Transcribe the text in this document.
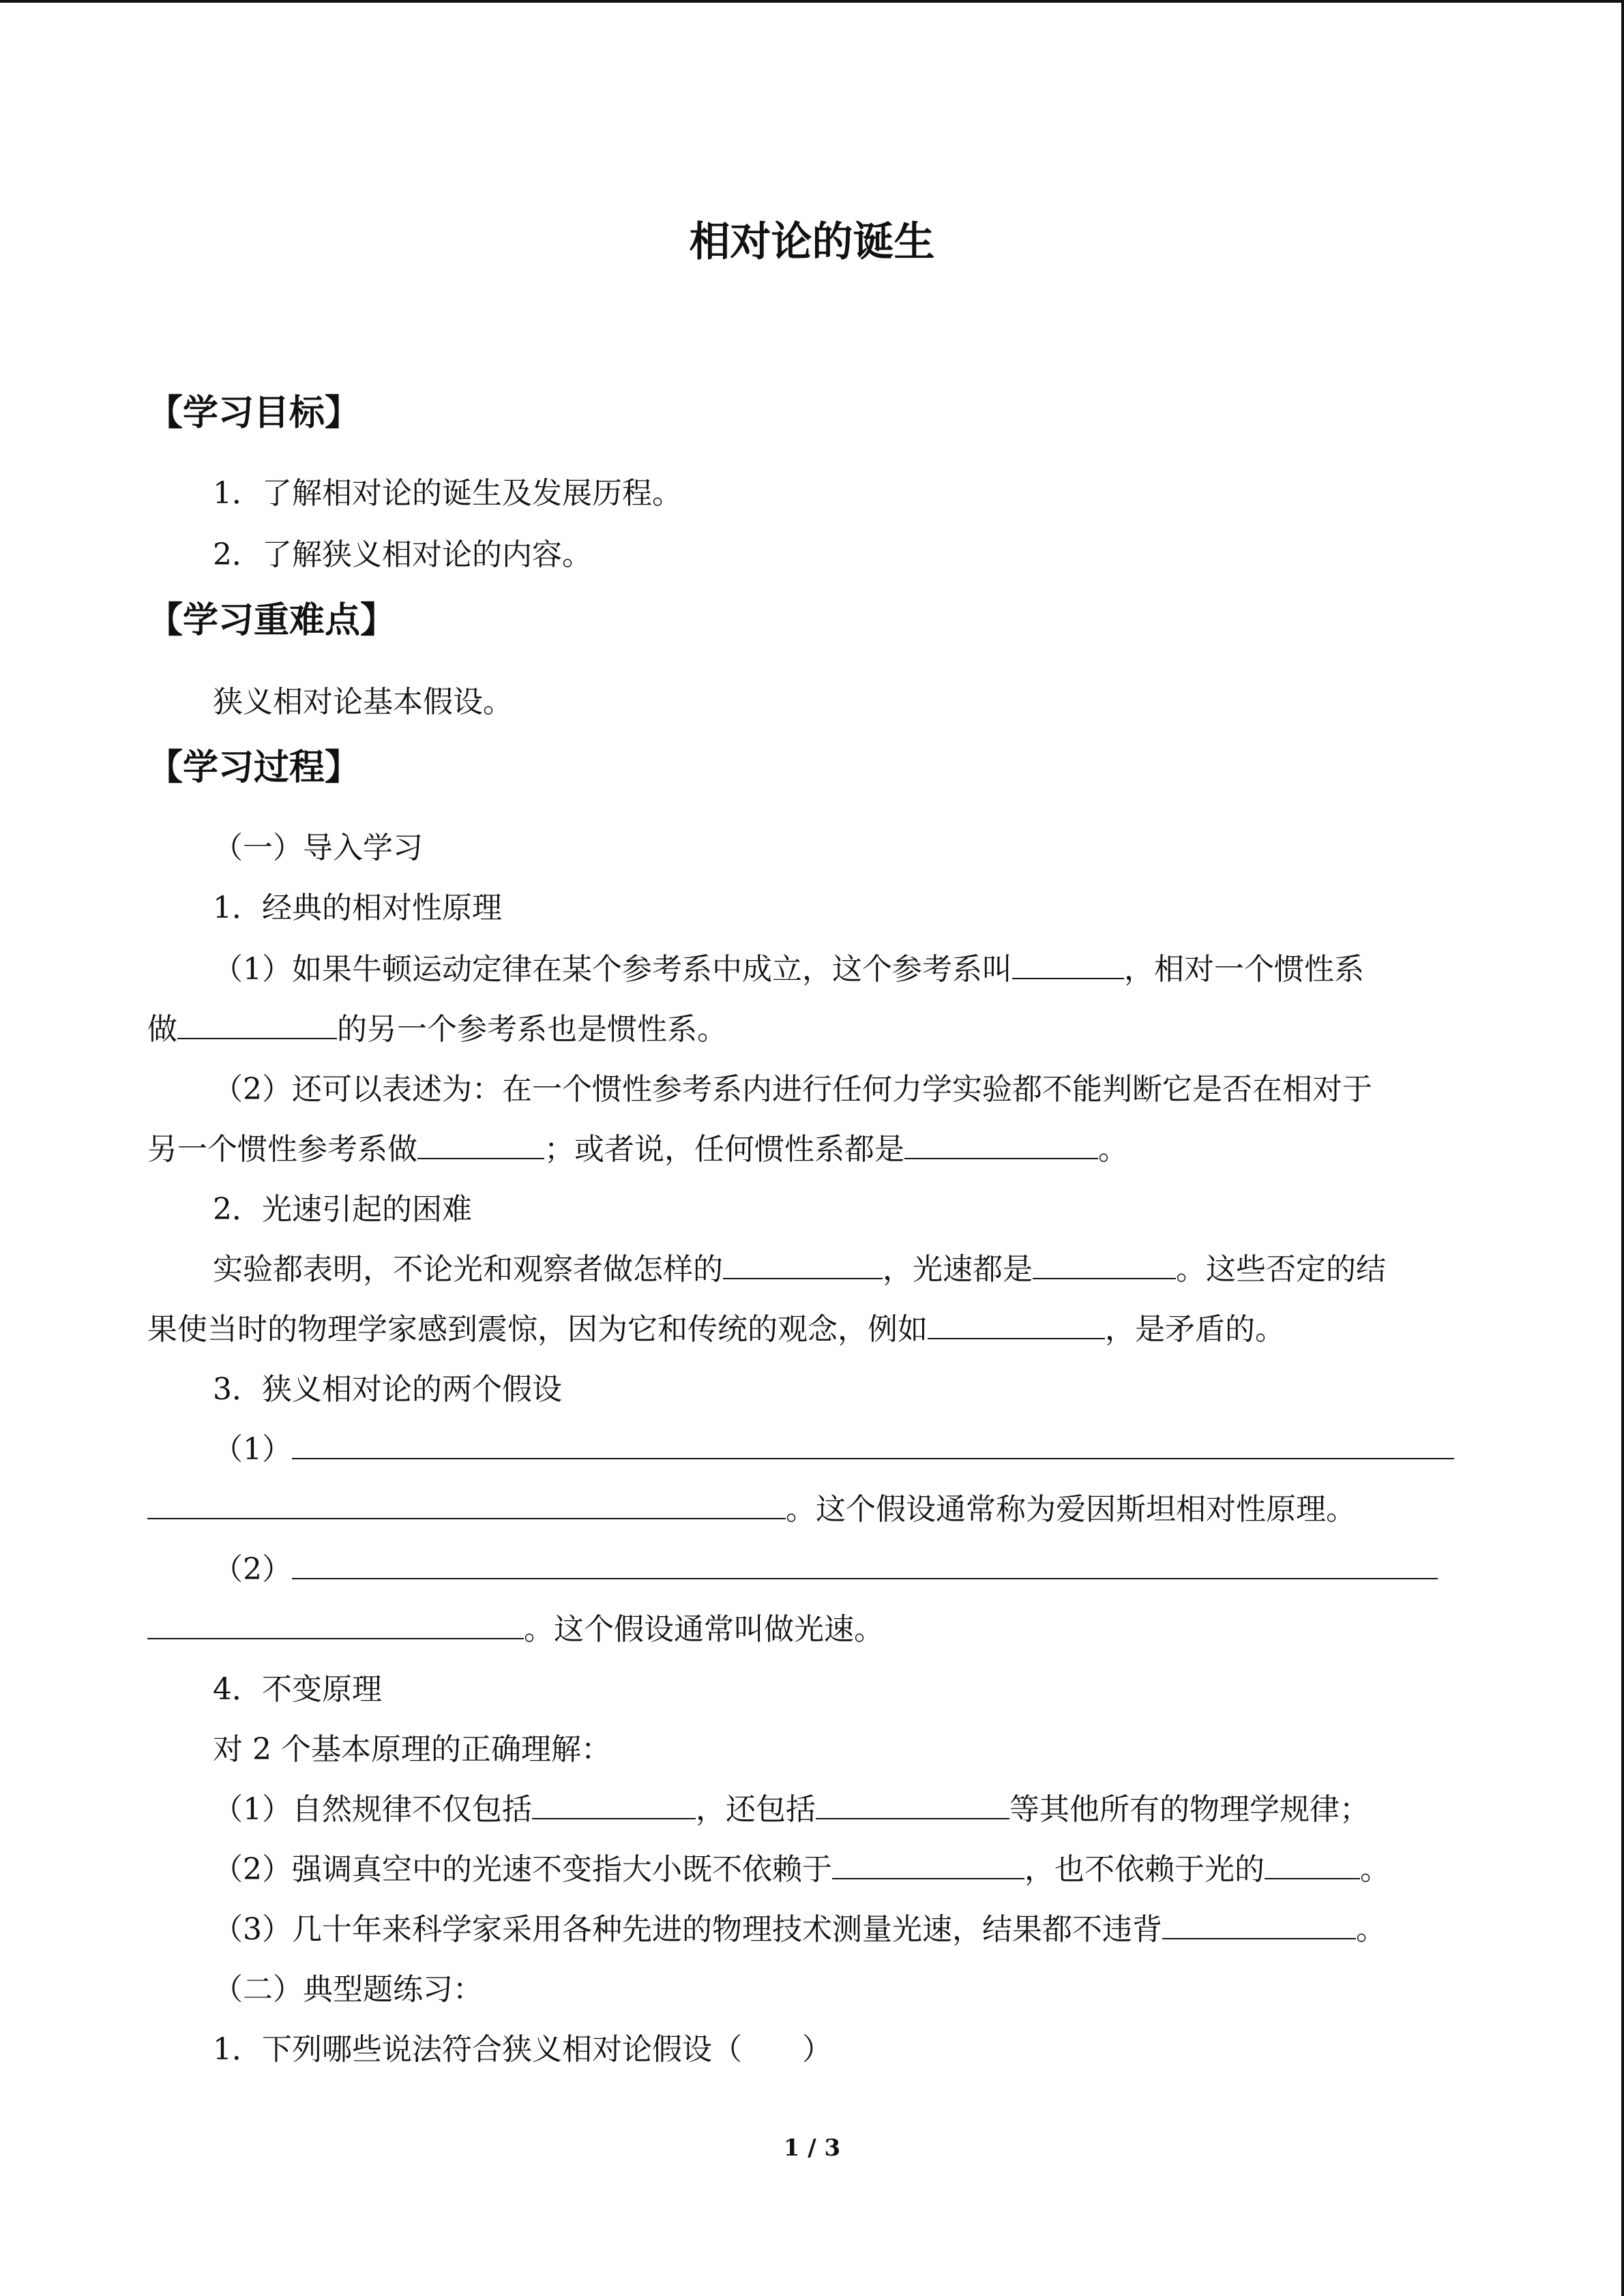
相对论的诞生
【学习目标】
1．了解相对论的诞生及发展历程。
2．了解狭义相对论的内容。
【学习重难点】
狭义相对论基本假设。
【学习过程】
（一）导入学习
1．经典的相对性原理
（1）如果牛顿运动定律在某个参考系中成立，这个参考系叫	，相对一个惯性系
做	的另一个参考系也是惯性系。
（2）还可以表述为：在一个惯性参考系内进行任何力学实验都不能判断它是否在相对于
另一个惯性参考系做	；或者说，任何惯性系都是	。
2．光速引起的困难
实验都表明，不论光和观察者做怎样的	，光速都是	。这些否定的结
果使当时的物理学家感到震惊，因为它和传统的观念，例如	，是矛盾的。
3．狭义相对论的两个假设
（1）
。这个假设通常称为爱因斯坦相对性原理。
（2）
。这个假设通常叫做光速。
4．不变原理
对 2 个基本原理的正确理解：
（1）自然规律不仅包括	，还包括	等其他所有的物理学规律；
（2）强调真空中的光速不变指大小既不依赖于	，也不依赖于光的	。
（3）几十年来科学家采用各种先进的物理技术测量光速，结果都不违背	。
（二）典型题练习：
1．下列哪些说法符合狭义相对论假设（　　）
1 / 3
